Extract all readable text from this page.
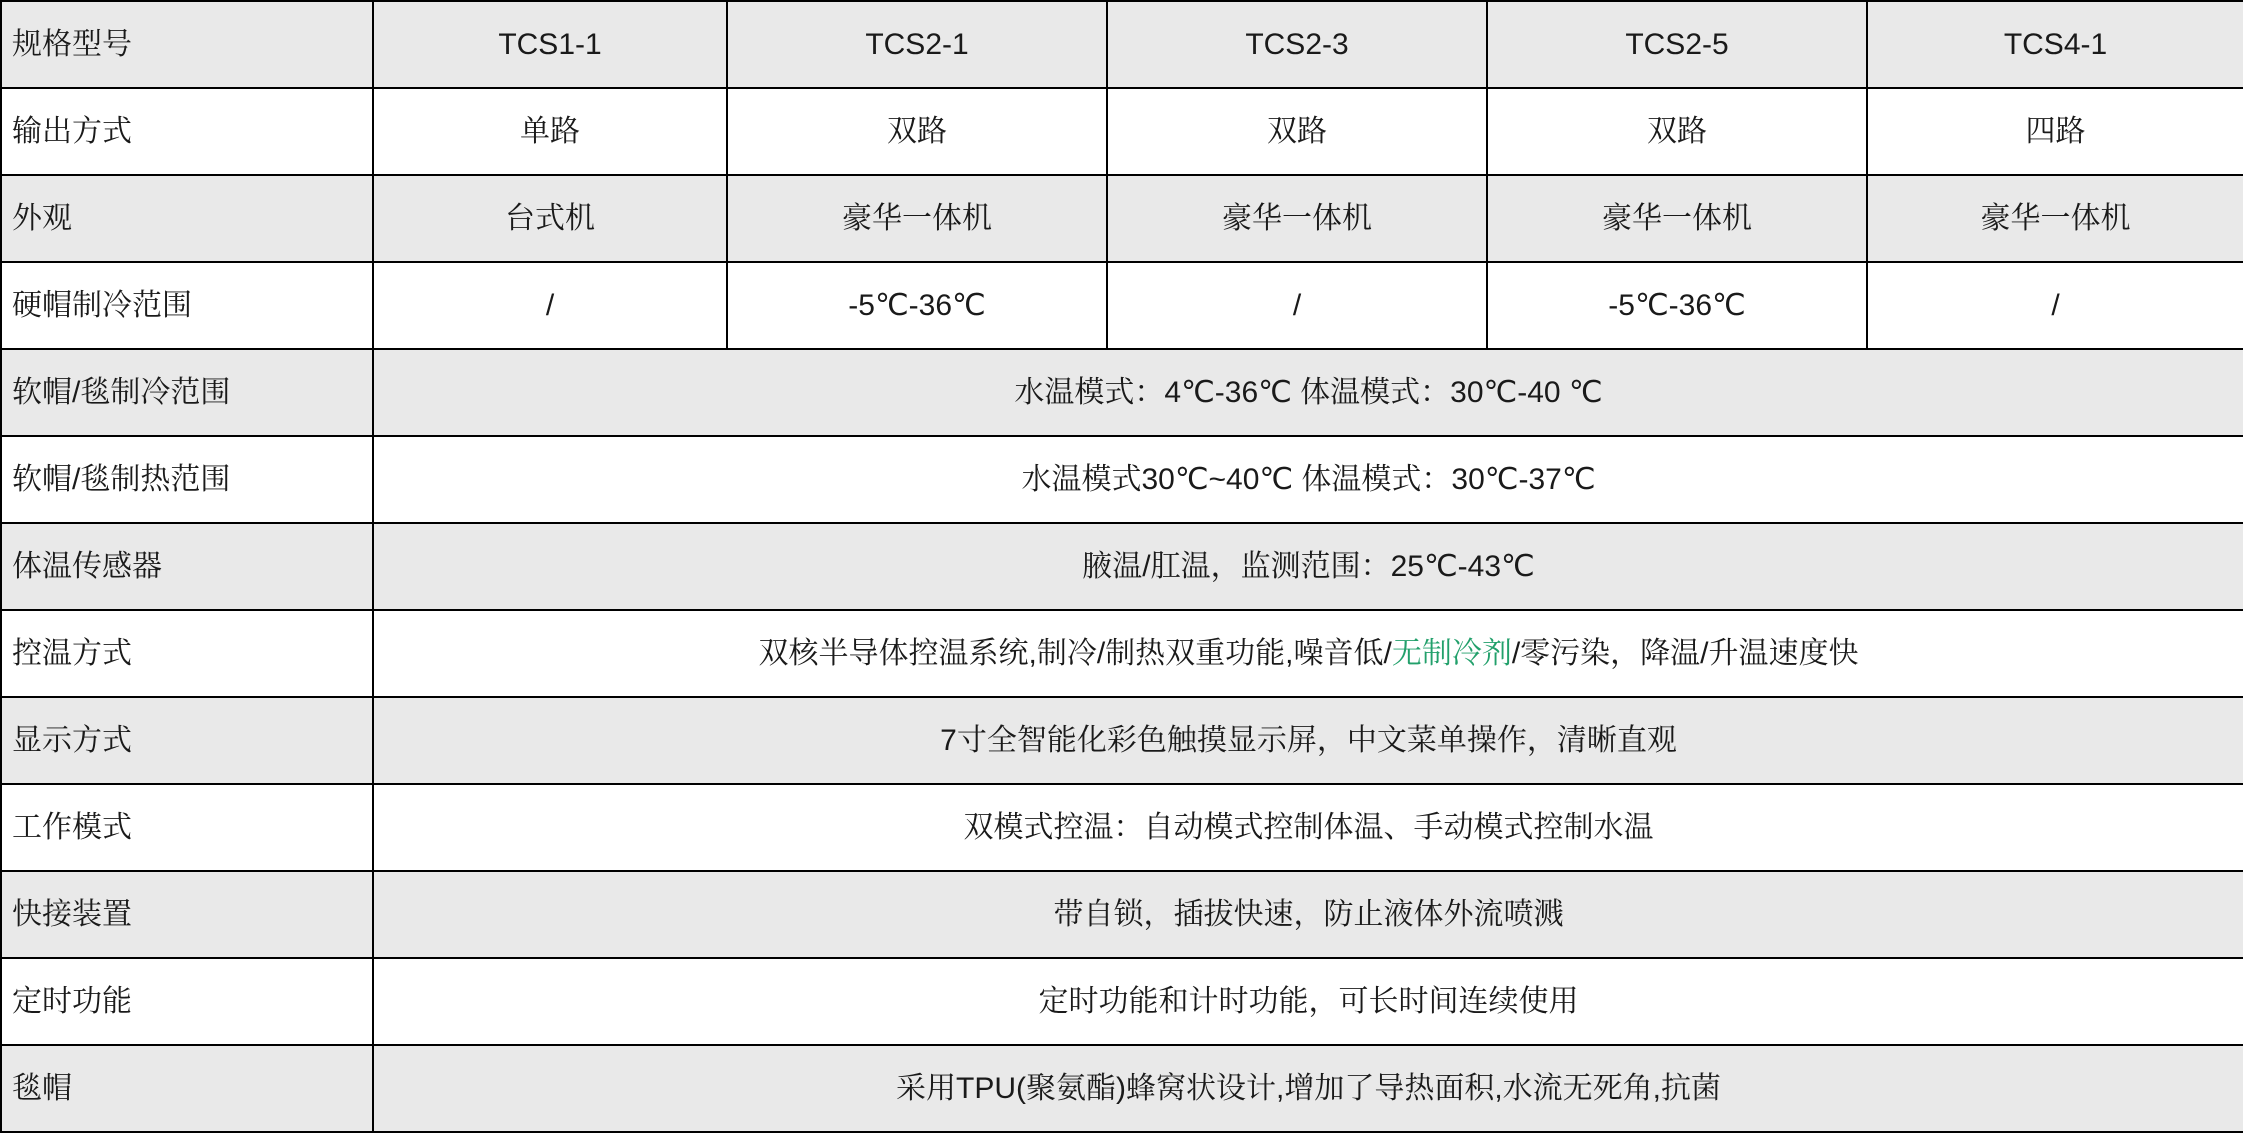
规格型号	TCS1-1	TCS2-1	TCS2-3	TCS2-5	TCS4-1
输出方式	单路	双路	双路	双路	四路
外观	台式机	豪华一体机	豪华一体机	豪华一体机	豪华一体机
硬帽制冷范围	/	-5℃-36℃	/	-5℃-36℃	/
软帽/毯制冷范围	水温模式：4℃-36℃ 体温模式：30℃-40 ℃				
软帽/毯制热范围	水温模式30℃~40℃ 体温模式：30℃-37℃				
体温传感器	腋温/肛温，监测范围：25℃-43℃				
控温方式	双核半导体控温系统,制冷/制热双重功能,噪音低/无制冷剂/零污染，降温/升温速度快				
显示方式	7寸全智能化彩色触摸显示屏，中文菜单操作，清晰直观				
工作模式	双模式控温：自动模式控制体温、手动模式控制水温				
快接装置	带自锁，插拔快速，防止液体外流喷溅				
定时功能	定时功能和计时功能，可长时间连续使用				
毯帽	采用TPU(聚氨酯)蜂窝状设计,增加了导热面积,水流无死角,抗菌				
